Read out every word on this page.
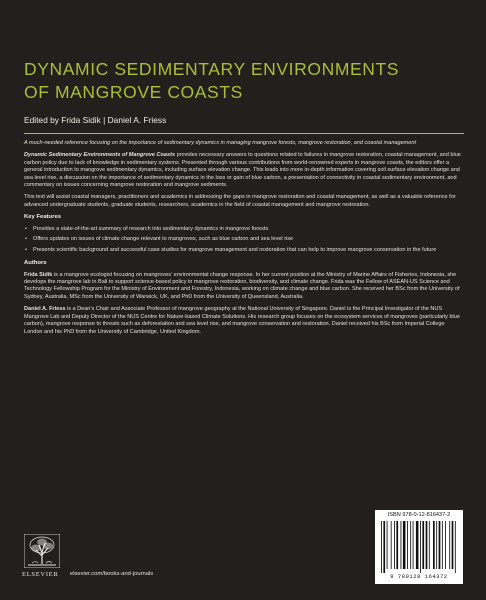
DYNAMIC SEDIMENTARY ENVIRONMENTS
OF MANGROVE COASTS
Edited by Frida Sidik | Daniel A. Friess

A much-needed reference focusing on the importance of sedimentary dynamics in managing mangrove forests, mangrove restoration, and coastal management

Dynamic Sedimentary Environments of Mangrove Coasts provides necessary answers to questions related to failures in mangrove restoration, coastal management, and blue carbon policy due to lack of knowledge in sedimentary systems. Presented through various contributions from world-renowned experts in mangrove coasts, the editors offer a general introduction to mangrove sedimentary dynamics, including surface elevation change. This leads into more in-depth information covering soil surface elevation change and sea level rise, a discussion on the importance of sedimentary dynamics in the loss or gain of blue carbon, a presentation of connectivity in coastal sedimentary environment, and commentary on issues concerning mangrove restoration and mangrove sediments.

This text will assist coastal managers, practitioners and academics in addressing the gaps in mangrove restoration and coastal management, as well as a valuable reference for advanced undergraduate students, graduate students, researchers, academics in the field of coastal management and mangrove restoration.

Key Features
• Provides a state-of-the-art summary of research into sedimentary dynamics in mangrove forests
• Offers updates on issues of climate change relevant to mangroves, such as blue carbon and sea level rise
• Presents scientific background and successful case studies for mangrove management and restoration that can help to improve mangrove conservation in the future
Authors

Frida Sidik is a mangrove ecologist focusing on mangroves’ environmental change response. In her current position at the Ministry of Marine Affairs of Fisheries, Indonesia, she develops the mangrove lab in Bali to support science-based policy in mangrove restoration, biodiversity, and climate change. Frida was the Fellow of ASEAN-US Science and Technology Fellowship Program for the Ministry of Environment and Forestry, Indonesia, working on climate change and blue carbon. She received her BSc from the University of Sydney, Australia, MSc from the University of Warwick, UK, and PhD from the University of Queensland, Australia.

Daniel A. Friess is a Dean’s Chair and Associate Professor of mangrove geography at the National University of Singapore. Daniel is the Principal Investigator of the NUS Mangrove Lab and Deputy Director of the NUS Centre for Nature-based Climate Solutions. His research group focuses on the ecosystem services of mangroves (particularly blue carbon), mangrove response to threats such as deforestation and sea level rise, and mangrove conservation and restoration. Daniel received his BSc from Imperial College London and his PhD from the University of Cambridge, United Kingdom.

ELSEVIER elsevier.com/books-and-journals
ISBN 978-0-12-816437-2
9 780128 164372
